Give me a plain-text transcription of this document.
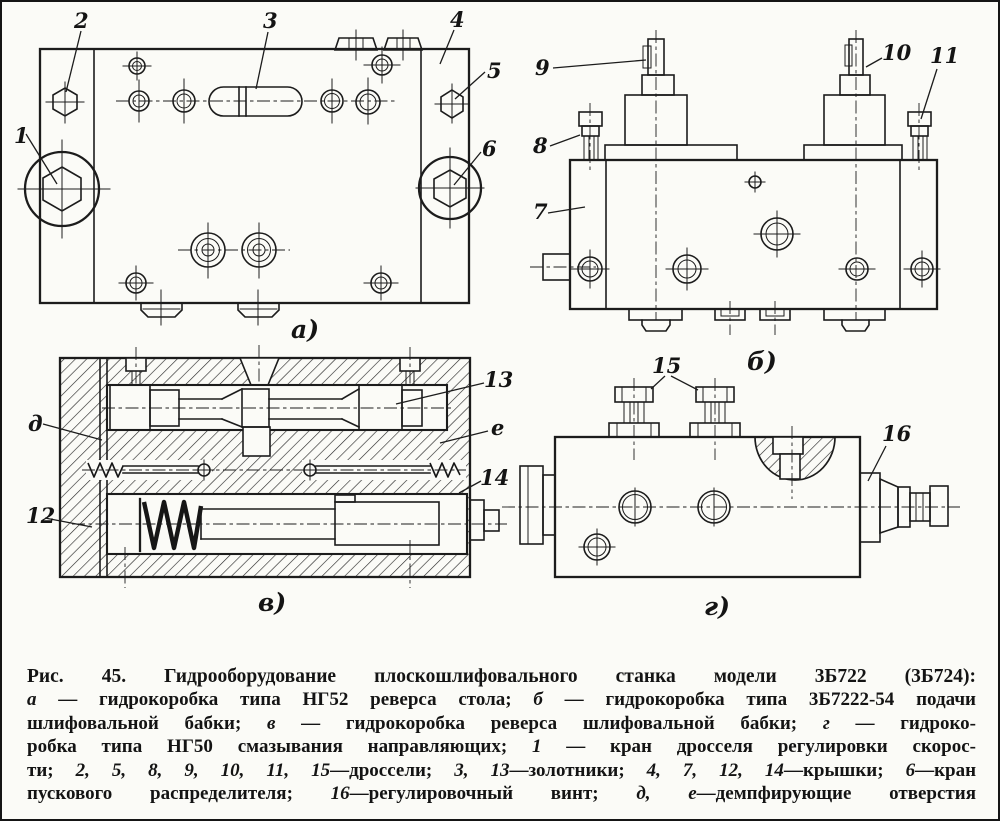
1
2	3	4
5
6
а)
9
10 11
8
7
б)
д
13
е
14
12
в)
15
16
г)
Рис. 45. Гидрооборудование плоскошлифовального станка модели 3Б722 (3Б724):
а — гидрокоробка типа НГ52 реверса стола; б — гидрокоробка типа 3Б7222-54 подачи
шлифовальной бабки; в — гидрокоробка реверса шлифовальной бабки; г — гидроко-
робка типа НГ50 смазывания направляющих; 1 — кран дросселя регулировки скорос-
ти; 2, 5, 8, 9, 10, 11, 15—дроссели; 3, 13—золотники; 4, 7, 12, 14—крышки; 6—кран
пускового распределителя; 16—регулировочный винт; д, е—демпфирующие отверстия
